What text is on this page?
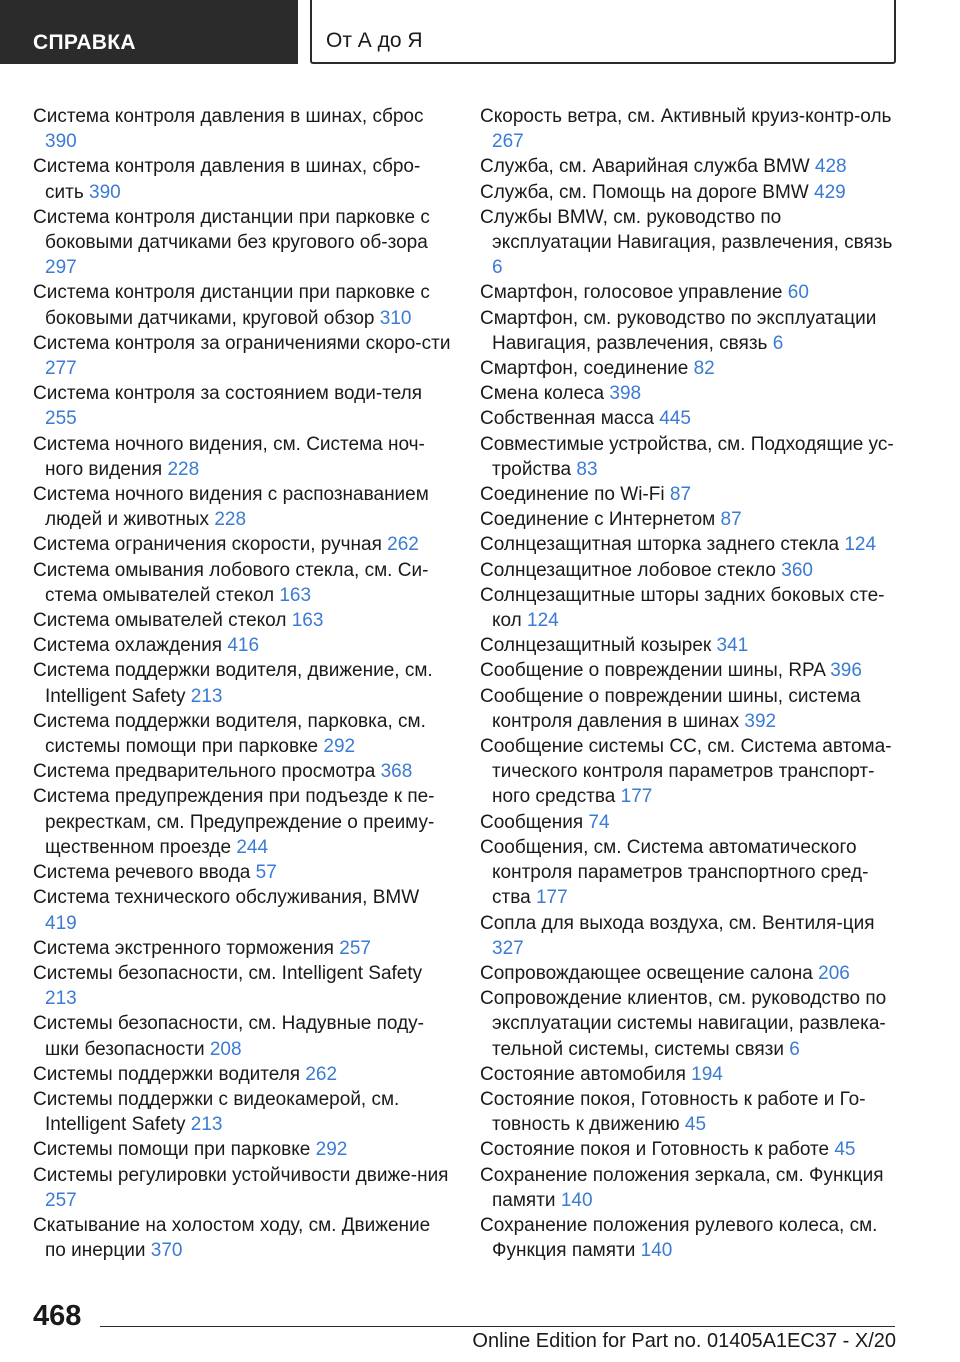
СПРАВКА	От А до Я

Система контроля давления в шинах, сброс 390

Система контроля давления в шинах, сбро-сить 390

Система контроля дистанции при парковке с боковыми датчиками без кругового об-зора 297

Система контроля дистанции при парковке с боковыми датчиками, круговой обзор 310

Система контроля за ограничениями скоро-сти 277

Система контроля за состоянием води-теля 255

Система ночного видения, см. Система ноч-ного видения 228

Система ночного видения с распознаванием людей и животных 228

Система ограничения скорости, ручная 262

Система омывания лобового стекла, см. Си-стема омывателей стекол 163

Система омывателей стекол 163

Система охлаждения 416

Система поддержки водителя, движение, см. Intelligent Safety 213

Система поддержки водителя, парковка, см. системы помощи при парковке 292

Система предварительного просмотра 368

Система предупреждения при подъезде к пе-рекресткам, см. Предупреждение о преиму-щественном проезде 244

Система речевого ввода 57

Система технического обслуживания, BMW 419

Система экстренного торможения 257

Системы безопасности, см. Intelligent Safety 213

Системы безопасности, см. Надувные поду-шки безопасности 208

Системы поддержки водителя 262

Системы поддержки с видеокамерой, см. Intelligent Safety 213

Системы помощи при парковке 292

Системы регулировки устойчивости движе-ния 257

Скатывание на холостом ходу, см. Движение по инерции 370

Скорость ветра, см. Активный круиз-контр-оль 267

Служба, см. Аварийная служба BMW 428

Служба, см. Помощь на дороге BMW 429

Службы BMW, см. руководство по эксплуатации Навигация, развлечения, связь 6

Смартфон, голосовое управление 60

Смартфон, см. руководство по эксплуатации Навигация, развлечения, связь 6

Смартфон, соединение 82

Смена колеса 398

Собственная масса 445

Совместимые устройства, см. Подходящие ус-тройства 83

Соединение по Wi-Fi 87

Соединение с Интернетом 87

Солнцезащитная шторка заднего стекла 124

Солнцезащитное лобовое стекло 360

Солнцезащитные шторы задних боковых сте-кол 124

Солнцезащитный козырек 341

Сообщение о повреждении шины, RPA 396

Сообщение о повреждении шины, система контроля давления в шинах 392

Сообщение системы CC, см. Система автома-тического контроля параметров транспорт-ного средства 177

Сообщения 74

Сообщения, см. Система автоматического контроля параметров транспортного сред-ства 177

Сопла для выхода воздуха, см. Вентиля-ция 327

Сопровождающее освещение салона 206

Сопровождение клиентов, см. руководство по эксплуатации системы навигации, развлека-тельной системы, системы связи 6

Состояние автомобиля 194

Состояние покоя, Готовность к работе и Го-товность к движению 45

Состояние покоя и Готовность к работе 45

Сохранение положения зеркала, см. Функция памяти 140

Сохранение положения рулевого колеса, см. Функция памяти 140

468
Online Edition for Part no. 01405A1EC37 - X/20
